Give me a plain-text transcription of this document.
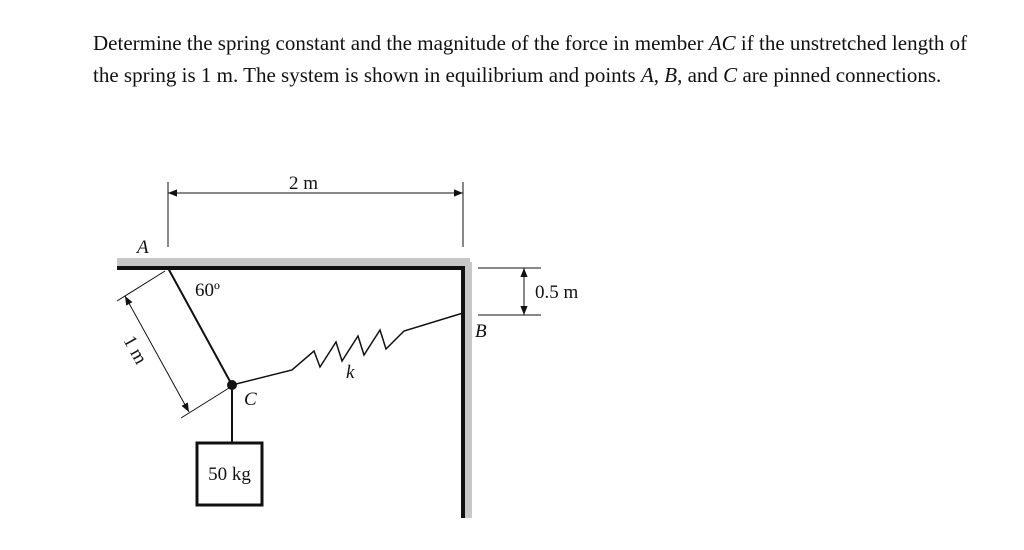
Determine the spring constant and the magnitude of the force in member AC if the unstretched length of the spring is 1 m. The system is shown in equilibrium and points A, B, and C are pinned connections.

A
B
C
k
60º
2 m
0.5 m
1 m
50 kg
